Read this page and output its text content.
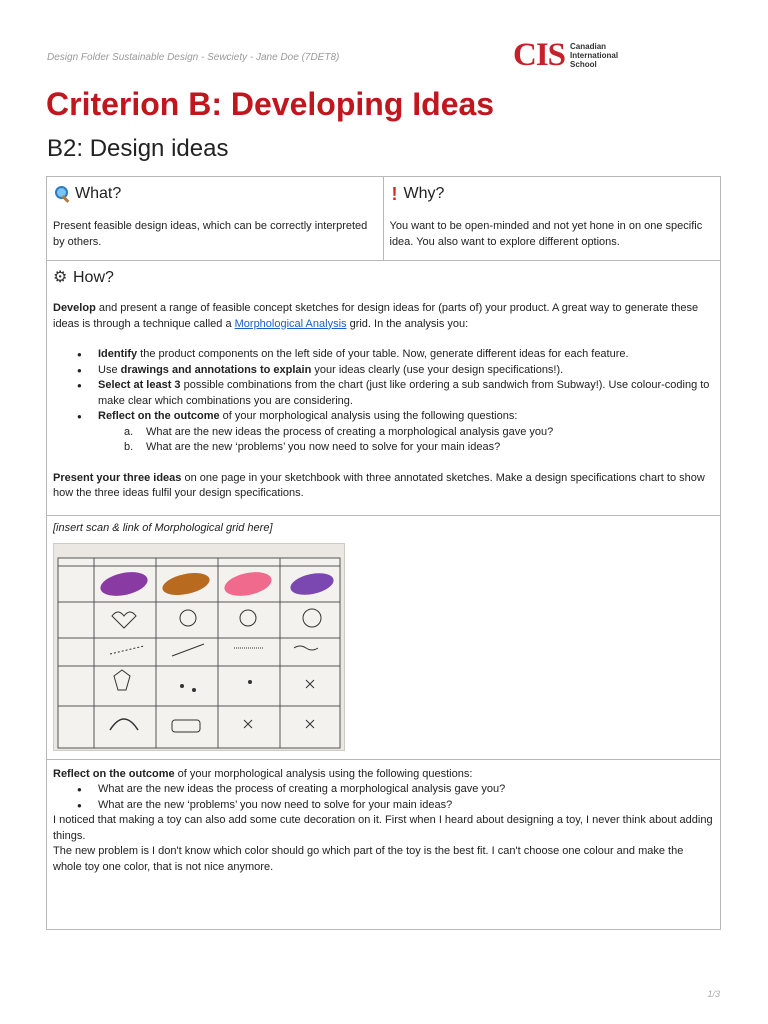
Design Folder Sustainable Design - Sewciety - Jane Doe (7DET8)	CIS Canadian
International
School
Criterion B: Developing Ideas
B2: Design ideas
What?

Present feasible design ideas, which can be correctly interpreted by others.

! Why?

You want to be open-minded and not yet hone in on one specific idea. You also want to explore different options.

⚙ How?

Develop and present a range of feasible concept sketches for design ideas for (parts of) your product. A great way to generate these ideas is through a technique called a Morphological Analysis grid. In the analysis you:

● Identify the product components on the left side of your table. Now, generate different ideas for each feature.
● Use drawings and annotations to explain your ideas clearly (use your design specifications!).
● Select at least 3 possible combinations from the chart (just like ordering a sub sandwich from Subway!). Use colour-coding to make clear which combinations you are considering.
● Reflect on the outcome of your morphological analysis using the following questions:
a. What are the new ideas the process of creating a morphological analysis gave you?
b. What are the new ‘problems’ you now need to solve for your main ideas?

Present your three ideas on one page in your sketchbook with three annotated sketches. Make a design specifications chart to show how the three ideas fulfil your design specifications.

[insert scan & link of Morphological grid here]

Reflect on the outcome of your morphological analysis using the following questions:

● What are the new ideas the process of creating a morphological analysis gave you?
● What are the new ‘problems’ you now need to solve for your main ideas?

I noticed that making a toy can also add some cute decoration on it. First when I heard about designing a toy, I never think about adding things.

The new problem is I don't know which color should go which part of the toy is the best fit. I can't choose one colour and make the whole toy one color, that is not nice anymore.

1/3
